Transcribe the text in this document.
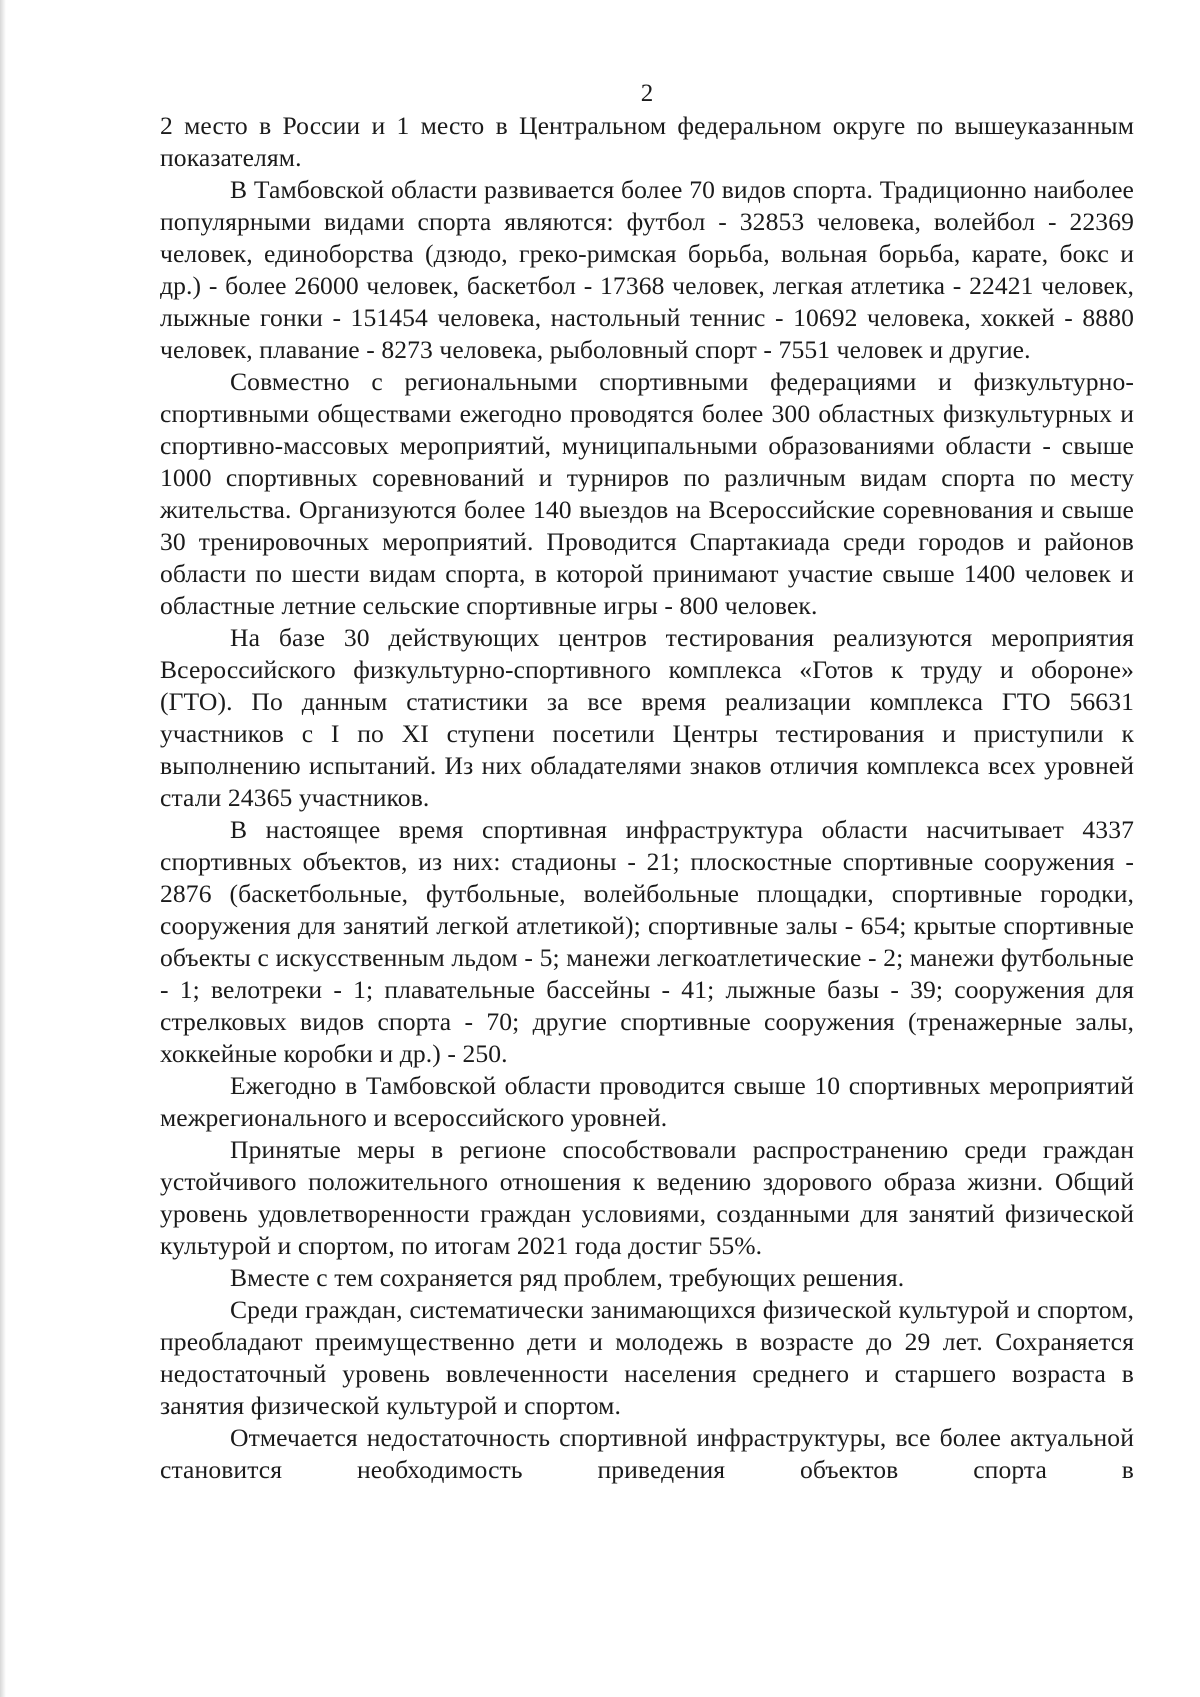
2

2 место в России и 1 место в Центральном федеральном округе по вышеуказанным показателям.

В Тамбовской области развивается более 70 видов спорта. Традиционно наиболее популярными видами спорта являются: футбол - 32853 человека, волейбол - 22369 человек, единоборства (дзюдо, греко-римская борьба, вольная борьба, карате, бокс и др.) - более 26000 человек, баскетбол - 17368 человек, легкая атлетика - 22421 человек, лыжные гонки - 151454 человека, настольный теннис - 10692 человека, хоккей - 8880 человек, плавание - 8273 человека, рыболовный спорт - 7551 человек и другие.

Совместно с региональными спортивными федерациями и физкультурно-спортивными обществами ежегодно проводятся более 300 областных физкультурных и спортивно-массовых мероприятий, муниципальными образованиями области - свыше 1000 спортивных соревнований и турниров по различным видам спорта по месту жительства. Организуются более 140 выездов на Всероссийские соревнования и свыше 30 тренировочных мероприятий. Проводится Спартакиада среди городов и районов области по шести видам спорта, в которой принимают участие свыше 1400 человек и областные летние сельские спортивные игры - 800 человек.

На базе 30 действующих центров тестирования реализуются мероприятия Всероссийского физкультурно-спортивного комплекса «Готов к труду и обороне» (ГТО). По данным статистики за все время реализации комплекса ГТО 56631 участников с I по XI ступени посетили Центры тестирования и приступили к выполнению испытаний. Из них обладателями знаков отличия комплекса всех уровней стали 24365 участников.

В настоящее время спортивная инфраструктура области насчитывает 4337 спортивных объектов, из них: стадионы - 21; плоскостные спортивные сооружения - 2876 (баскетбольные, футбольные, волейбольные площадки, спортивные городки, сооружения для занятий легкой атлетикой); спортивные залы - 654; крытые спортивные объекты с искусственным льдом - 5; манежи легкоатлетические - 2; манежи футбольные - 1; велотреки - 1; плавательные бассейны - 41; лыжные базы - 39; сооружения для стрелковых видов спорта - 70; другие спортивные сооружения (тренажерные залы, хоккейные коробки и др.) - 250.

Ежегодно в Тамбовской области проводится свыше 10 спортивных мероприятий межрегионального и всероссийского уровней.

Принятые меры в регионе способствовали распространению среди граждан устойчивого положительного отношения к ведению здорового образа жизни. Общий уровень удовлетворенности граждан условиями, созданными для занятий физической культурой и спортом, по итогам 2021 года достиг 55%.

Вместе с тем сохраняется ряд проблем, требующих решения.

Среди граждан, систематически занимающихся физической культурой и спортом, преобладают преимущественно дети и молодежь в возрасте до 29 лет. Сохраняется недостаточный уровень вовлеченности населения среднего и старшего возраста в занятия физической культурой и спортом.

Отмечается недостаточность спортивной инфраструктуры, все более актуальной становится необходимость приведения объектов спорта в
